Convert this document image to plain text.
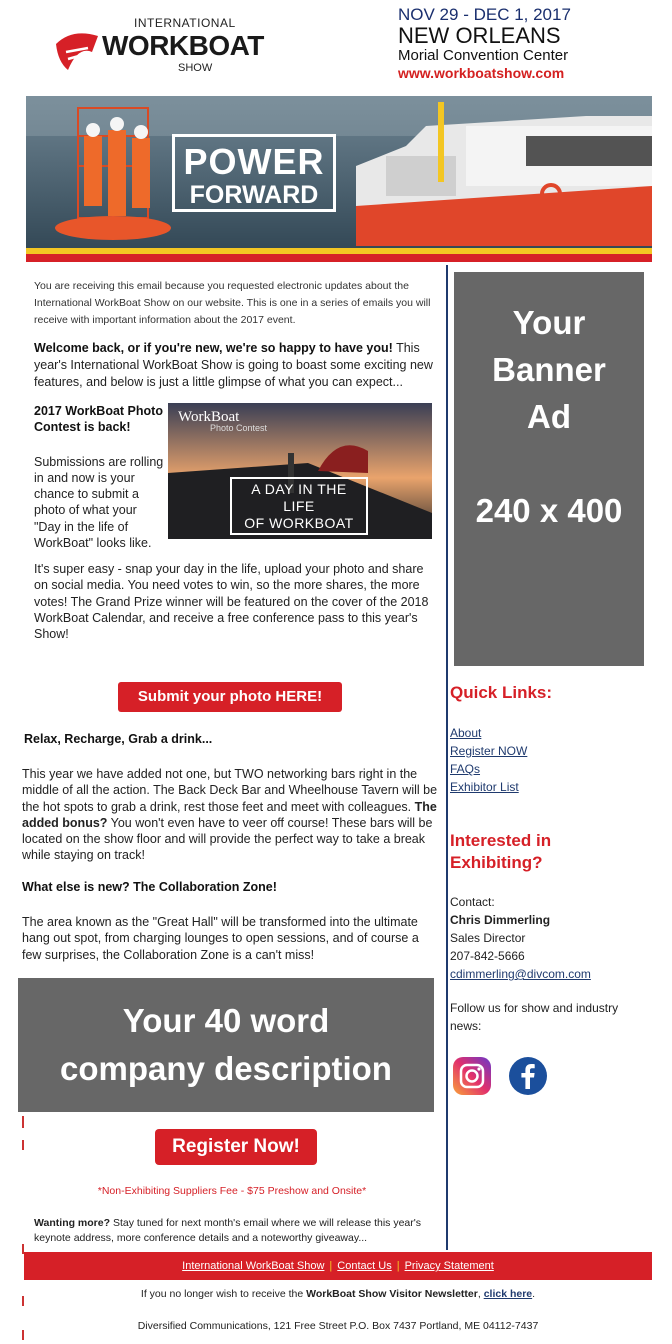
INTERNATIONAL
WORKBOAT
SHOW
NOV 29 - DEC 1, 2017
NEW ORLEANS
Morial Convention Center
www.workboatshow.com
POWER
FORWARD

You are receiving this email because you requested electronic updates about the International WorkBoat Show on our website. This is one in a series of emails you will receive with important information about the 2017 event.

Welcome back, or if you're new, we're so happy to have you! This year's International WorkBoat Show is going to boast some exciting new features, and below is just a little glimpse of what you can expect...

2017 WorkBoat Photo Contest is back!
Submissions are rolling in and now is your chance to submit a photo of what your "Day in the life of WorkBoat" looks like.
WorkBoat
Photo Contest
A DAY IN THE LIFE
OF WORKBOAT

It's super easy - snap your day in the life, upload your photo and share on social media. You need votes to win, so the more shares, the more votes! The Grand Prize winner will be featured on the cover of the 2018 WorkBoat Calendar, and receive a free conference pass to this year's Show!

Submit your photo HERE!
Relax, Recharge, Grab a drink...

This year we have added not one, but TWO networking bars right in the middle of all the action. The Back Deck Bar and Wheelhouse Tavern will be the hot spots to grab a drink, rest those feet and meet with colleagues. The added bonus? You won't even have to veer off course! These bars will be located on the show floor and will provide the perfect way to take a break while staying on track!

What else is new? The Collaboration Zone!

The area known as the "Great Hall" will be transformed into the ultimate hang out spot, from charging lounges to open sessions, and of course a few surprises, the Collaboration Zone is a can't miss!

Your 40 word
company description
Register Now!
*Non-Exhibiting Suppliers Fee - $75 Preshow and Onsite*

Wanting more? Stay tuned for next month's email where we will release this year's keynote address, more conference details and a noteworthy giveaway...

Your
Banner
Ad
240 x 400
Quick Links:
About
Register NOW
FAQs
Exhibitor List
Interested in Exhibiting?
Contact:
Chris Dimmerling
Sales Director
207-842-5666
cdimmerling@divcom.com
Follow us for show and industry news:
International WorkBoat Show | Contact Us | Privacy Statement
If you no longer wish to receive the WorkBoat Show Visitor Newsletter, click here.
Diversified Communications, 121 Free Street P.O. Box 7437 Portland, ME 04112-7437
